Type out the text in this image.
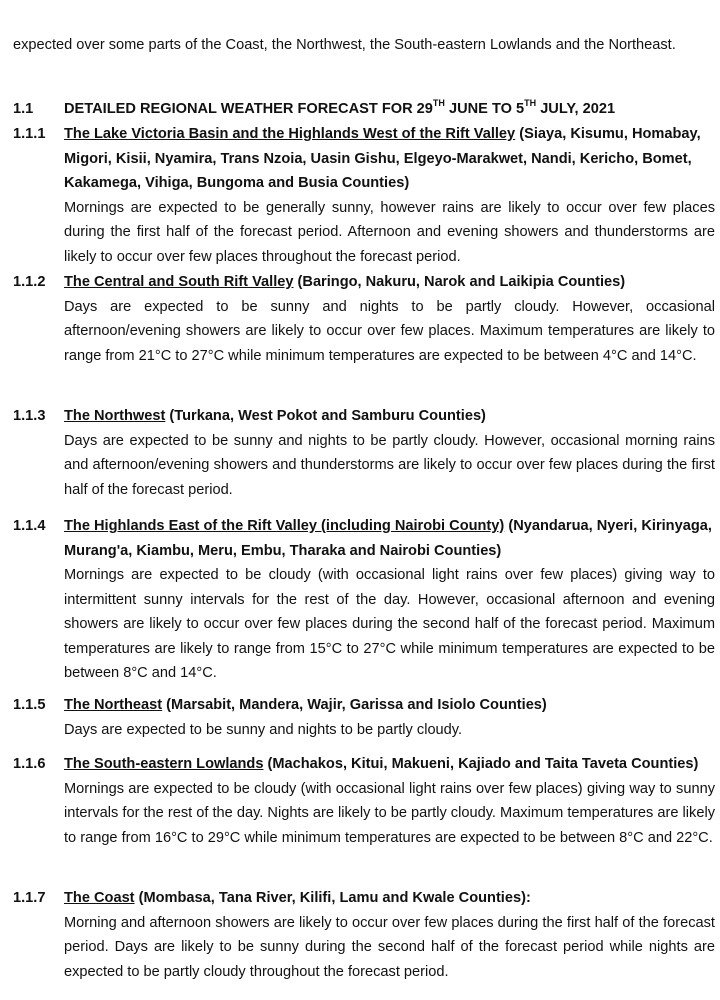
expected over some parts of the Coast, the Northwest, the South-eastern Lowlands and the Northeast.
1.1 DETAILED REGIONAL WEATHER FORECAST FOR 29TH JUNE TO 5TH JULY, 2021
1.1.1 The Lake Victoria Basin and the Highlands West of the Rift Valley (Siaya, Kisumu, Homabay, Migori, Kisii, Nyamira, Trans Nzoia, Uasin Gishu, Elgeyo-Marakwet, Nandi, Kericho, Bomet, Kakamega, Vihiga, Bungoma and Busia Counties)
Mornings are expected to be generally sunny, however rains are likely to occur over few places during the first half of the forecast period. Afternoon and evening showers and thunderstorms are likely to occur over few places throughout the forecast period.
1.1.2 The Central and South Rift Valley (Baringo, Nakuru, Narok and Laikipia Counties)
Days are expected to be sunny and nights to be partly cloudy. However, occasional afternoon/evening showers are likely to occur over few places. Maximum temperatures are likely to range from 21°C to 27°C while minimum temperatures are expected to be between 4°C and 14°C.
1.1.3 The Northwest (Turkana, West Pokot and Samburu Counties)
Days are expected to be sunny and nights to be partly cloudy. However, occasional morning rains and afternoon/evening showers and thunderstorms are likely to occur over few places during the first half of the forecast period.
1.1.4 The Highlands East of the Rift Valley (including Nairobi County) (Nyandarua, Nyeri, Kirinyaga, Murang'a, Kiambu, Meru, Embu, Tharaka and Nairobi Counties)
Mornings are expected to be cloudy (with occasional light rains over few places) giving way to intermittent sunny intervals for the rest of the day. However, occasional afternoon and evening showers are likely to occur over few places during the second half of the forecast period. Maximum temperatures are likely to range from 15°C to 27°C while minimum temperatures are expected to be between 8°C and 14°C.
1.1.5 The Northeast (Marsabit, Mandera, Wajir, Garissa and Isiolo Counties)
Days are expected to be sunny and nights to be partly cloudy.
1.1.6 The South-eastern Lowlands (Machakos, Kitui, Makueni, Kajiado and Taita Taveta Counties)
Mornings are expected to be cloudy (with occasional light rains over few places) giving way to sunny intervals for the rest of the day. Nights are likely to be partly cloudy. Maximum temperatures are likely to range from 16°C to 29°C while minimum temperatures are expected to be between 8°C and 22°C.
1.1.7 The Coast (Mombasa, Tana River, Kilifi, Lamu and Kwale Counties):
Morning and afternoon showers are likely to occur over few places during the first half of the forecast period. Days are likely to be sunny during the second half of the forecast period while nights are expected to be partly cloudy throughout the forecast period.
